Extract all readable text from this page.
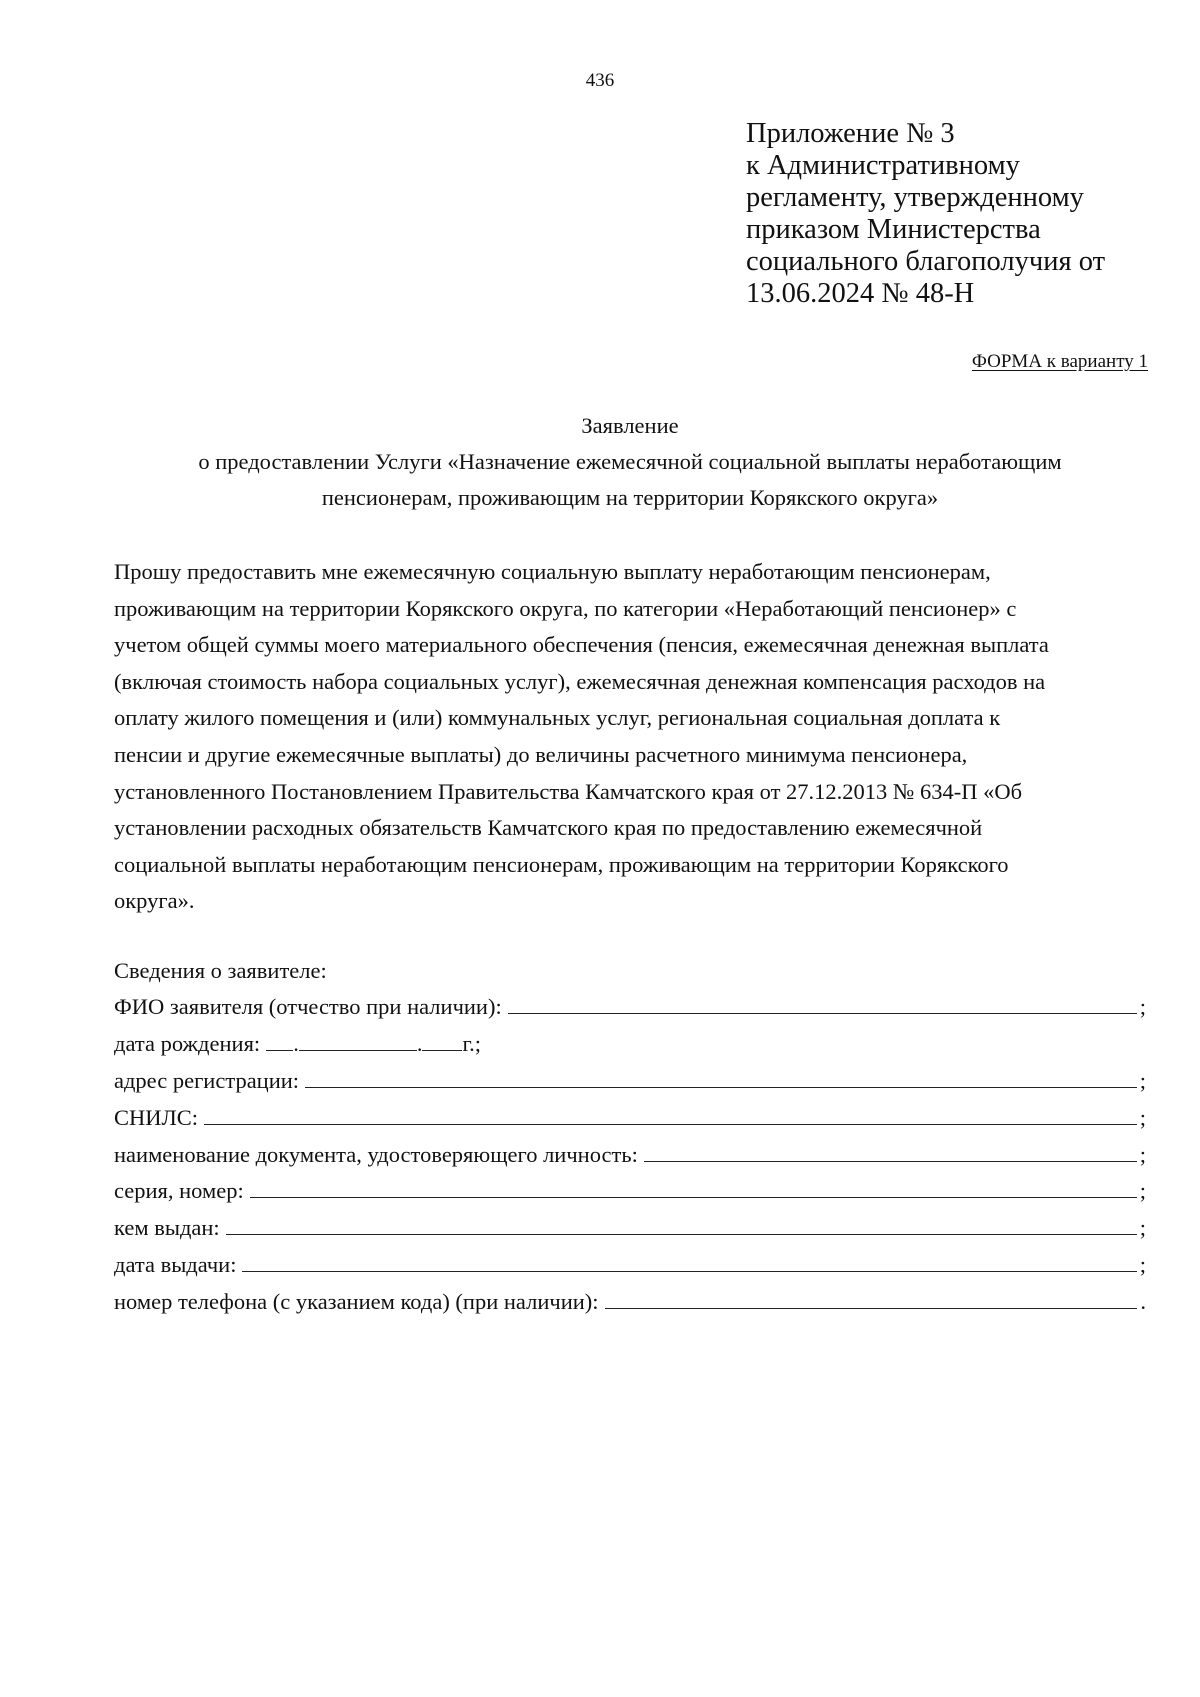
436
Приложение № 3
к Административному
регламенту, утвержденному
приказом Министерства
социального благополучия от
13.06.2024 № 48-Н
ФОРМА к варианту 1
Заявление
о предоставлении Услуги «Назначение ежемесячной социальной выплаты неработающим
пенсионерам, проживающим на территории Корякского округа»
Прошу предоставить мне ежемесячную социальную выплату неработающим пенсионерам,
проживающим на территории Корякского округа, по категории «Неработающий пенсионер» с
учетом общей суммы моего материального обеспечения (пенсия, ежемесячная денежная выплата
(включая стоимость набора социальных услуг), ежемесячная денежная компенсация расходов на
оплату жилого помещения и (или) коммунальных услуг, региональная социальная доплата к
пенсии и другие ежемесячные выплаты) до величины расчетного минимума пенсионера,
установленного Постановлением Правительства Камчатского края от 27.12.2013 № 634-П «Об
установлении расходных обязательств Камчатского края по предоставлению ежемесячной
социальной выплаты неработающим пенсионерам, проживающим на территории Корякского
округа».
Сведения о заявителе:
ФИО заявителя (отчество при наличии):	;
дата рождения: .	. г.;
адрес регистрации:	;
СНИЛС:	;
наименование документа, удостоверяющего личность:	;
серия, номер:	;
кем выдан:	;
дата выдачи:	;
номер телефона (с указанием кода) (при наличии):	.
